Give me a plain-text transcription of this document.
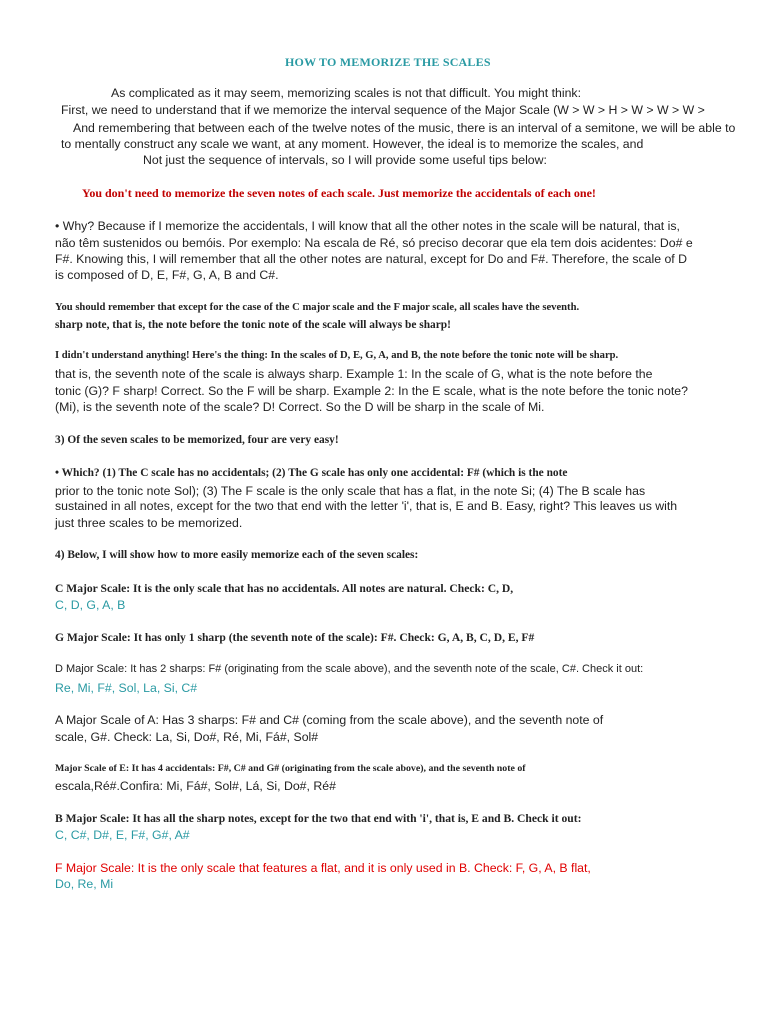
HOW TO MEMORIZE THE SCALES
As complicated as it may seem, memorizing scales is not that difficult. You might think:
First, we need to understand that if we memorize the interval sequence of the Major Scale (W > W > H > W > W > W >
And remembering that between each of the twelve notes of the music, there is an interval of a semitone, we will be able to
to mentally construct any scale we want, at any moment. However, the ideal is to memorize the scales, and
Not just the sequence of intervals, so I will provide some useful tips below:
You don't need to memorize the seven notes of each scale. Just memorize the accidentals of each one!
• Why? Because if I memorize the accidentals, I will know that all the other notes in the scale will be natural, that is,
não têm sustenidos ou bemóis. Por exemplo: Na escala de Ré, só preciso decorar que ela tem dois acidentes: Do# e
F#. Knowing this, I will remember that all the other notes are natural, except for Do and F#. Therefore, the scale of D
is composed of D, E, F#, G, A, B and C#.
You should remember that except for the case of the C major scale and the F major scale, all scales have the seventh.
sharp note, that is, the note before the tonic note of the scale will always be sharp!
I didn't understand anything! Here's the thing: In the scales of D, E, G, A, and B, the note before the tonic note will be sharp.
that is, the seventh note of the scale is always sharp. Example 1: In the scale of G, what is the note before the
tonic (G)? F sharp! Correct. So the F will be sharp. Example 2: In the E scale, what is the note before the tonic note?
(Mi), is the seventh note of the scale? D! Correct. So the D will be sharp in the scale of Mi.
3) Of the seven scales to be memorized, four are very easy!
• Which? (1) The C scale has no accidentals; (2) The G scale has only one accidental: F# (which is the note
prior to the tonic note Sol); (3) The F scale is the only scale that has a flat, in the note Si; (4) The B scale has
sustained in all notes, except for the two that end with the letter 'i', that is, E and B. Easy, right? This leaves us with
just three scales to be memorized.
4) Below, I will show how to more easily memorize each of the seven scales:
C Major Scale: It is the only scale that has no accidentals. All notes are natural. Check: C, D,
C, D, G, A, B
G Major Scale: It has only 1 sharp (the seventh note of the scale): F#. Check: G, A, B, C, D, E, F#
D Major Scale: It has 2 sharps: F# (originating from the scale above), and the seventh note of the scale, C#. Check it out:
Re, Mi, F#, Sol, La, Si, C#
A Major Scale of A: Has 3 sharps: F# and C# (coming from the scale above), and the seventh note of
scale, G#. Check: La, Si, Do#, Ré, Mi, Fá#, Sol#
Major Scale of E: It has 4 accidentals: F#, C# and G# (originating from the scale above), and the seventh note of
escala,Ré#.Confira: Mi, Fá#, Sol#, Lá, Si, Do#, Ré#
B Major Scale: It has all the sharp notes, except for the two that end with 'i', that is, E and B. Check it out:
C, C#, D#, E, F#, G#, A#
F Major Scale: It is the only scale that features a flat, and it is only used in B. Check: F, G, A, B flat,
Do, Re, Mi
